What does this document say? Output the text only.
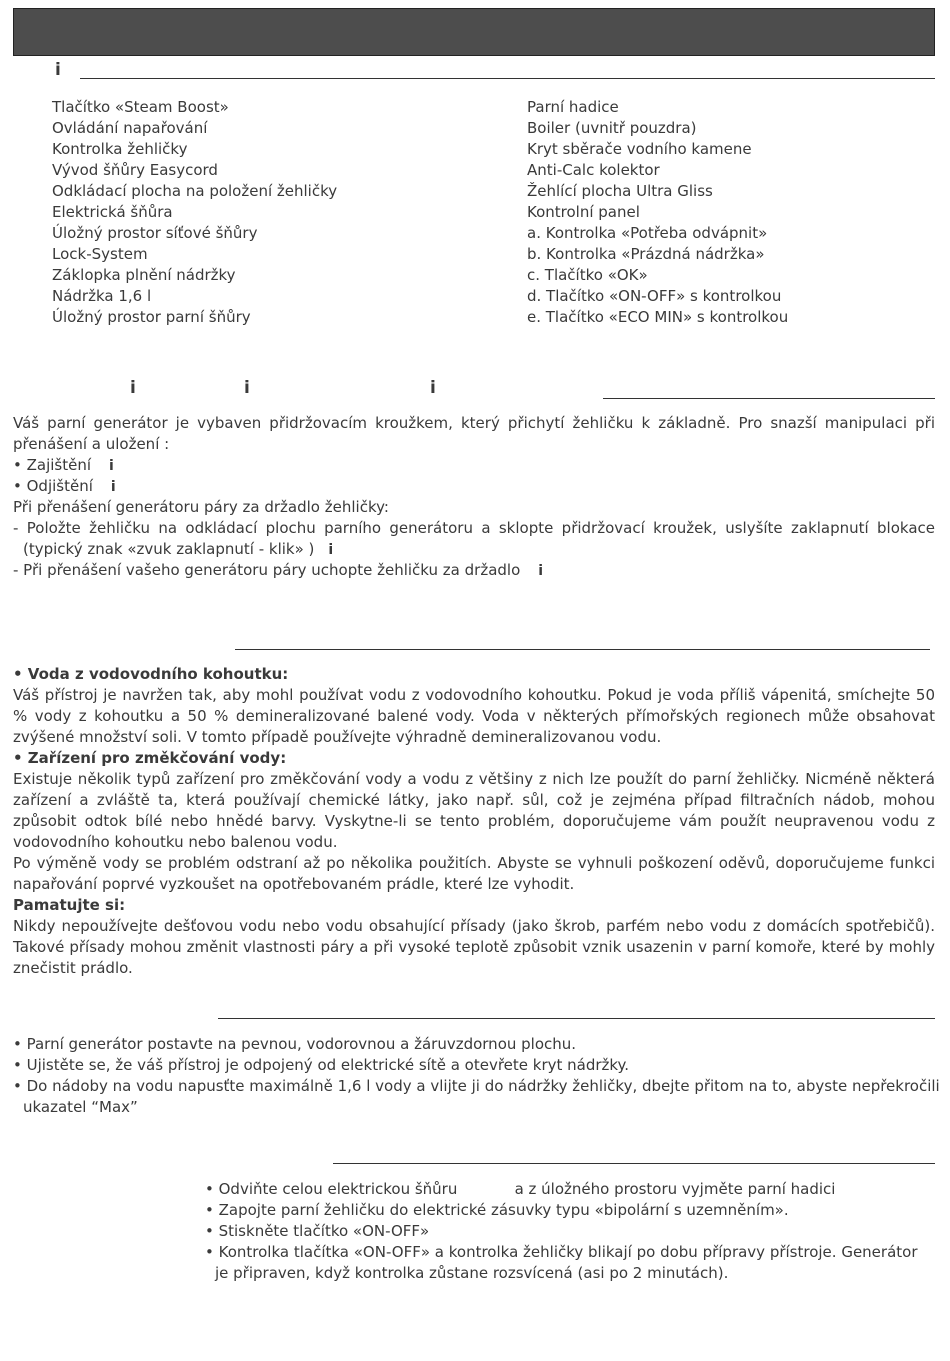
i
Tlačítko «Steam Boost»
Ovládání napařování
Kontrolka žehličky
Vývod šňůry Easycord
Odkládací plocha na položení žehličky
Elektrická šňůra
Úložný prostor síťové šňůry
Lock-System
Záklopka plnění nádržky
Nádržka 1,6 l
Úložný prostor parní šňůry
Parní hadice
Boiler (uvnitř pouzdra)
Kryt sběrače vodního kamene
Anti-Calc kolektor
Žehlící plocha Ultra Gliss
Kontrolní panel
a. Kontrolka «Potřeba odvápnit»
b. Kontrolka «Prázdná nádržka»
c. Tlačítko «OK»
d. Tlačítko «ON-OFF» s kontrolkou
e. Tlačítko «ECO MIN» s kontrolkou
i	i	i

Váš parní generátor je vybaven přidržovacím kroužkem, který přichytí žehličku k základně. Pro snazší manipulaci při přenášení a uložení :

• Zajištění i
• Odjištění i
Při přenášení generátoru páry za držadlo žehličky:
- Položte žehličku na odkládací plochu parního generátoru a sklopte přidržovací kroužek, uslyšíte zaklapnutí blokace
(typický znak «zvuk zaklapnutí - klik» ) i
- Při přenášení vašeho generátoru páry uchopte žehličku za držadlo i

• Voda z vodovodního kohoutku:

Váš přístroj je navržen tak, aby mohl používat vodu z vodovodního kohoutku. Pokud je voda příliš vápenitá, smíchejte 50 % vody z kohoutku a 50 % demineralizované balené vody. Voda v některých přímořských regionech může obsahovat zvýšené množství soli. V tomto případě používejte výhradně demineralizovanou vodu.

• Zařízení pro změkčování vody:

Existuje několik typů zařízení pro změkčování vody a vodu z většiny z nich lze použít do parní žehličky. Nicméně některá zařízení a zvláště ta, která používají chemické látky, jako např. sůl, což je zejména případ filtračních nádob, mohou způsobit odtok bílé nebo hnědé barvy. Vyskytne-li se tento problém, doporučujeme vám použít neupravenou vodu z vodovodního kohoutku nebo balenou vodu.

Po výměně vody se problém odstraní až po několika použitích. Abyste se vyhnuli poškození oděvů, doporučujeme funkci napařování poprvé vyzkoušet na opotřebovaném prádle, které lze vyhodit.

Pamatujte si:

Nikdy nepoužívejte dešťovou vodu nebo vodu obsahující přísady (jako škrob, parfém nebo vodu z domácích spotřebičů). Takové přísady mohou změnit vlastnosti páry a při vysoké teplotě způsobit vznik usazenin v parní komoře, které by mohly znečistit prádlo.

• Parní generátor postavte na pevnou, vodorovnou a žáruvzdornou plochu.
• Ujistěte se, že váš přístroj je odpojený od elektrické sítě a otevřete kryt nádržky.
• Do nádoby na vodu napusťte maximálně 1,6 l vody a vlijte ji do nádržky žehličky, dbejte přitom na to, abyste nepřekročili
ukazatel “Max”
• Odviňte celou elektrickou šňůru            a z úložného prostoru vyjměte parní hadici
• Zapojte parní žehličku do elektrické zásuvky typu «bipolární s uzemněním».
• Stiskněte tlačítko «ON-OFF»
• Kontrolka tlačítka «ON-OFF» a kontrolka žehličky blikají po dobu přípravy přístroje. Generátor
je připraven, když kontrolka zůstane rozsvícená (asi po 2 minutách).
